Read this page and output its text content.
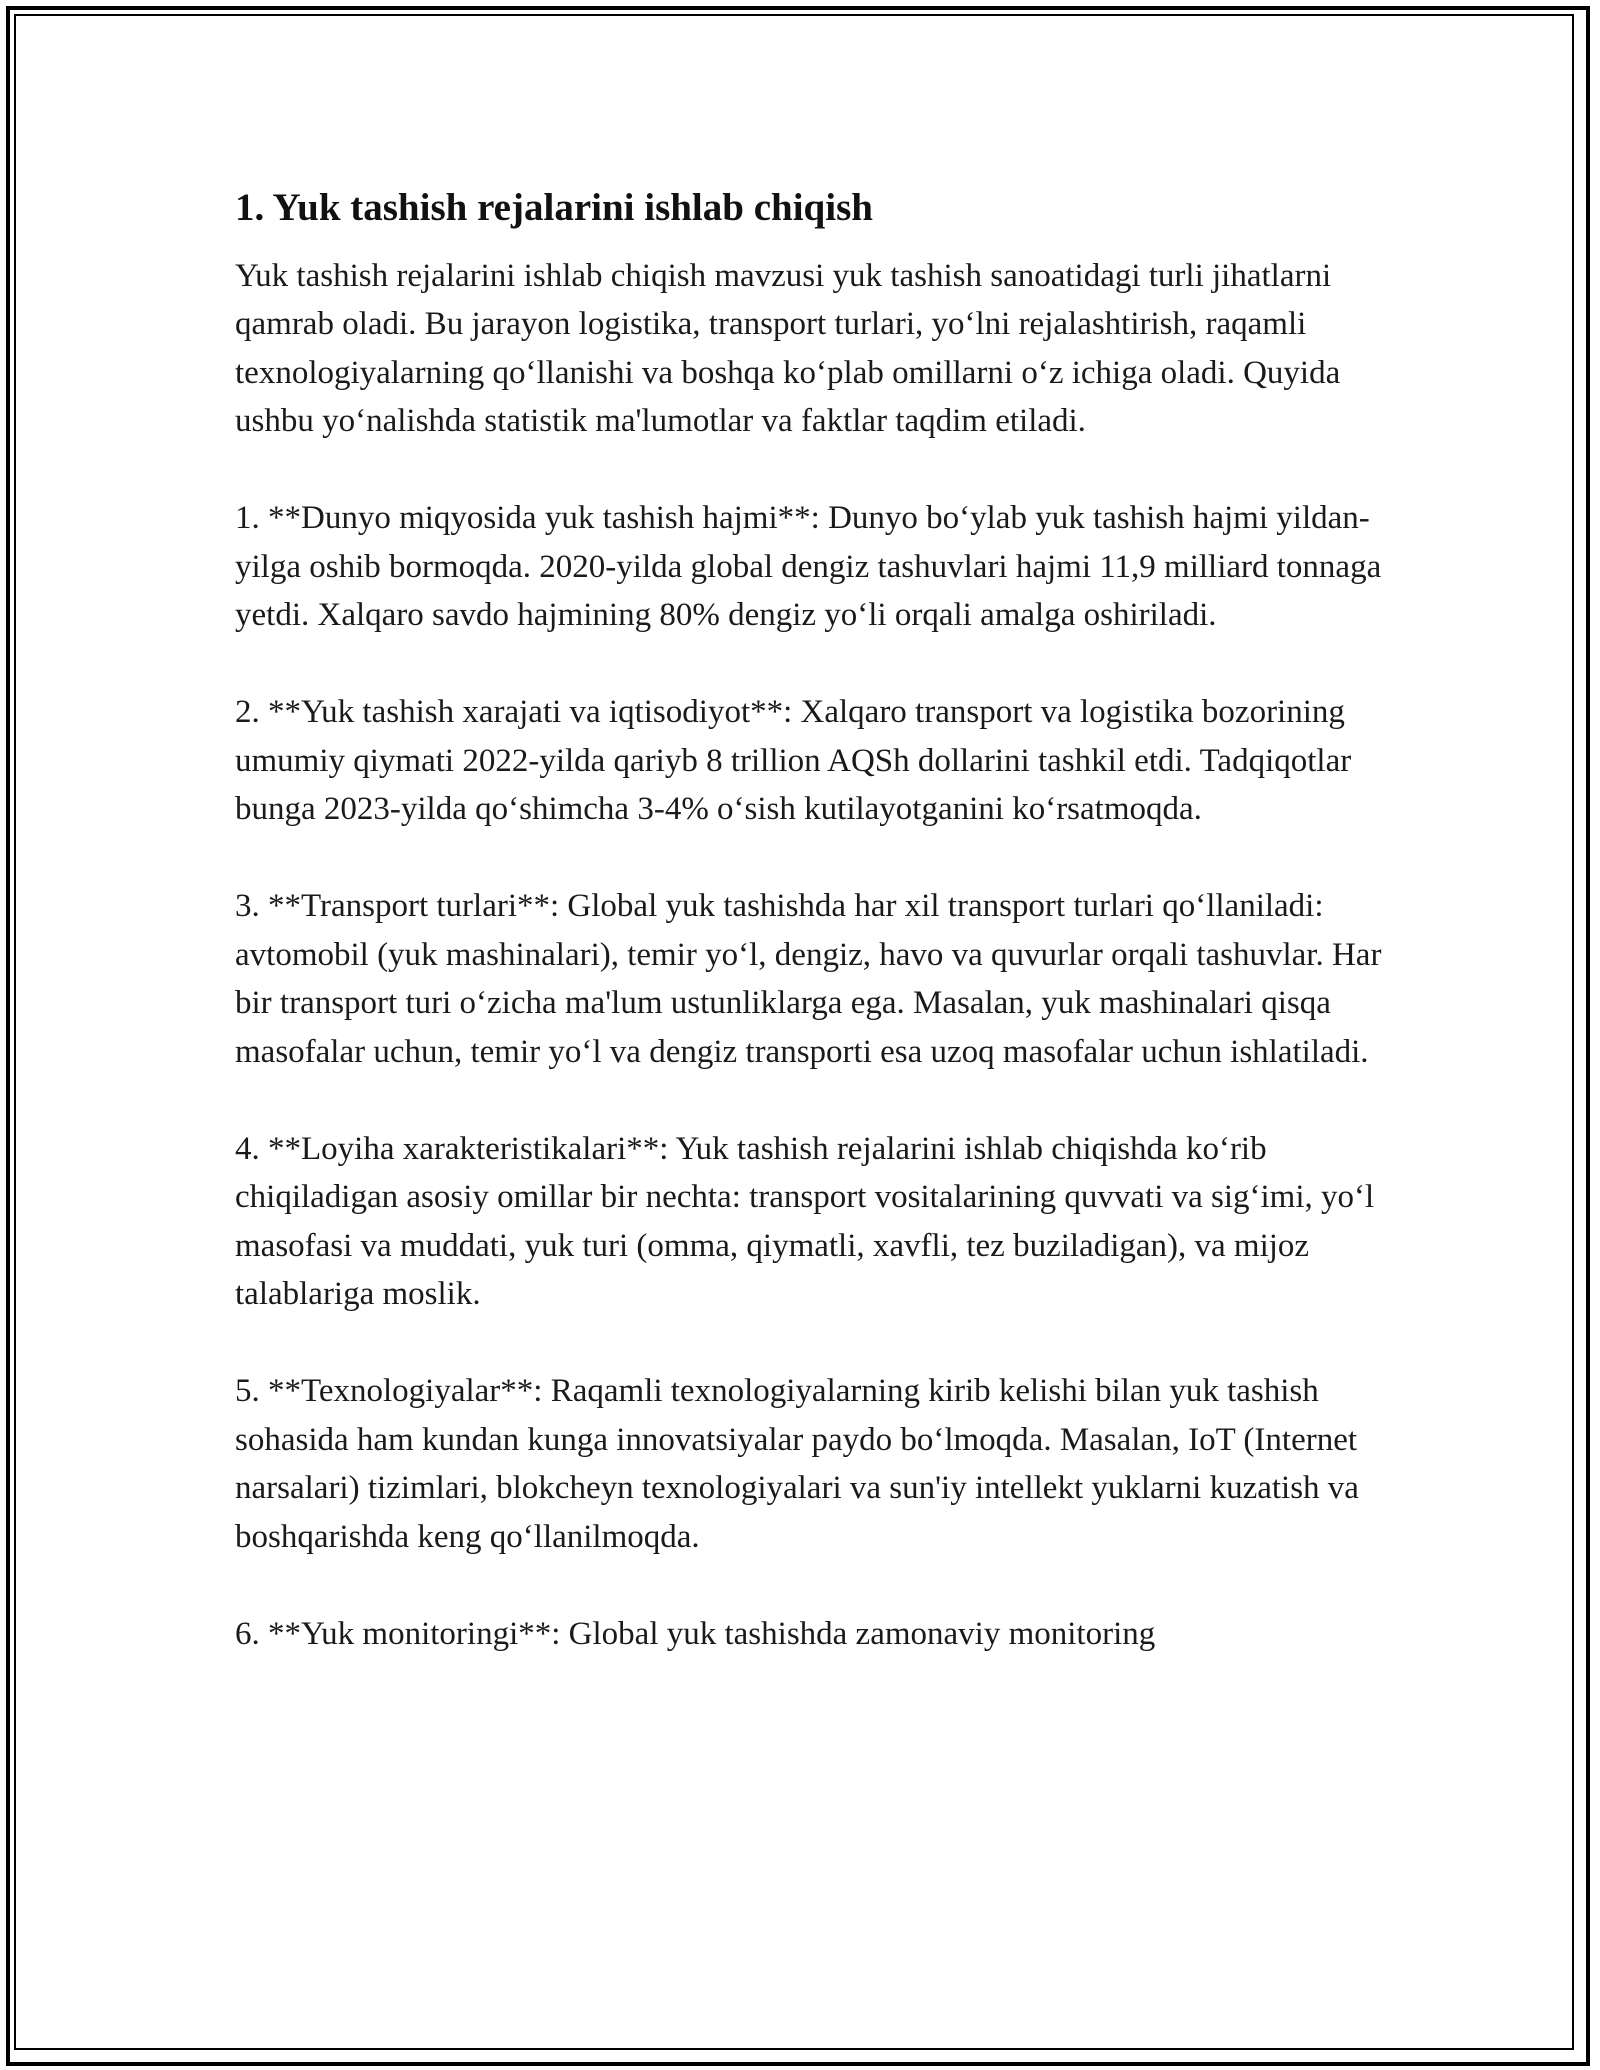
1. Yuk tashish rejalarini ishlab chiqish

Yuk tashish rejalarini ishlab chiqish mavzusi yuk tashish sanoatidagi turli jihatlarni qamrab oladi. Bu jarayon logistika, transport turlari, yo‘lni rejalashtirish, raqamli texnologiyalarning qo‘llanishi va boshqa ko‘plab omillarni o‘z ichiga oladi. Quyida ushbu yo‘nalishda statistik ma'lumotlar va faktlar taqdim etiladi.

1. **Dunyo miqyosida yuk tashish hajmi**: Dunyo bo‘ylab yuk tashish hajmi yildan-yilga oshib bormoqda. 2020-yilda global dengiz tashuvlari hajmi 11,9 milliard tonnaga yetdi. Xalqaro savdo hajmining 80% dengiz yo‘li orqali amalga oshiriladi.

2. **Yuk tashish xarajati va iqtisodiyot**: Xalqaro transport va logistika bozorining umumiy qiymati 2022-yilda qariyb 8 trillion AQSh dollarini tashkil etdi. Tadqiqotlar bunga 2023-yilda qo‘shimcha 3-4% o‘sish kutilayotganini ko‘rsatmoqda.

3. **Transport turlari**: Global yuk tashishda har xil transport turlari qo‘llaniladi: avtomobil (yuk mashinalari), temir yo‘l, dengiz, havo va quvurlar orqali tashuvlar. Har bir transport turi o‘zicha ma'lum ustunliklarga ega. Masalan, yuk mashinalari qisqa masofalar uchun, temir yo‘l va dengiz transporti esa uzoq masofalar uchun ishlatiladi.

4. **Loyiha xarakteristikalari**: Yuk tashish rejalarini ishlab chiqishda ko‘rib chiqiladigan asosiy omillar bir nechta: transport vositalarining quvvati va sig‘imi, yo‘l masofasi va muddati, yuk turi (omma, qiymatli, xavfli, tez buziladigan), va mijoz talablariga moslik.

5. **Texnologiyalar**: Raqamli texnologiyalarning kirib kelishi bilan yuk tashish sohasida ham kundan kunga innovatsiyalar paydo bo‘lmoqda. Masalan, IoT (Internet narsalari) tizimlari, blokcheyn texnologiyalari va sun'iy intellekt yuklarni kuzatish va boshqarishda keng qo‘llanilmoqda.

6. **Yuk monitoringi**: Global yuk tashishda zamonaviy monitoring
